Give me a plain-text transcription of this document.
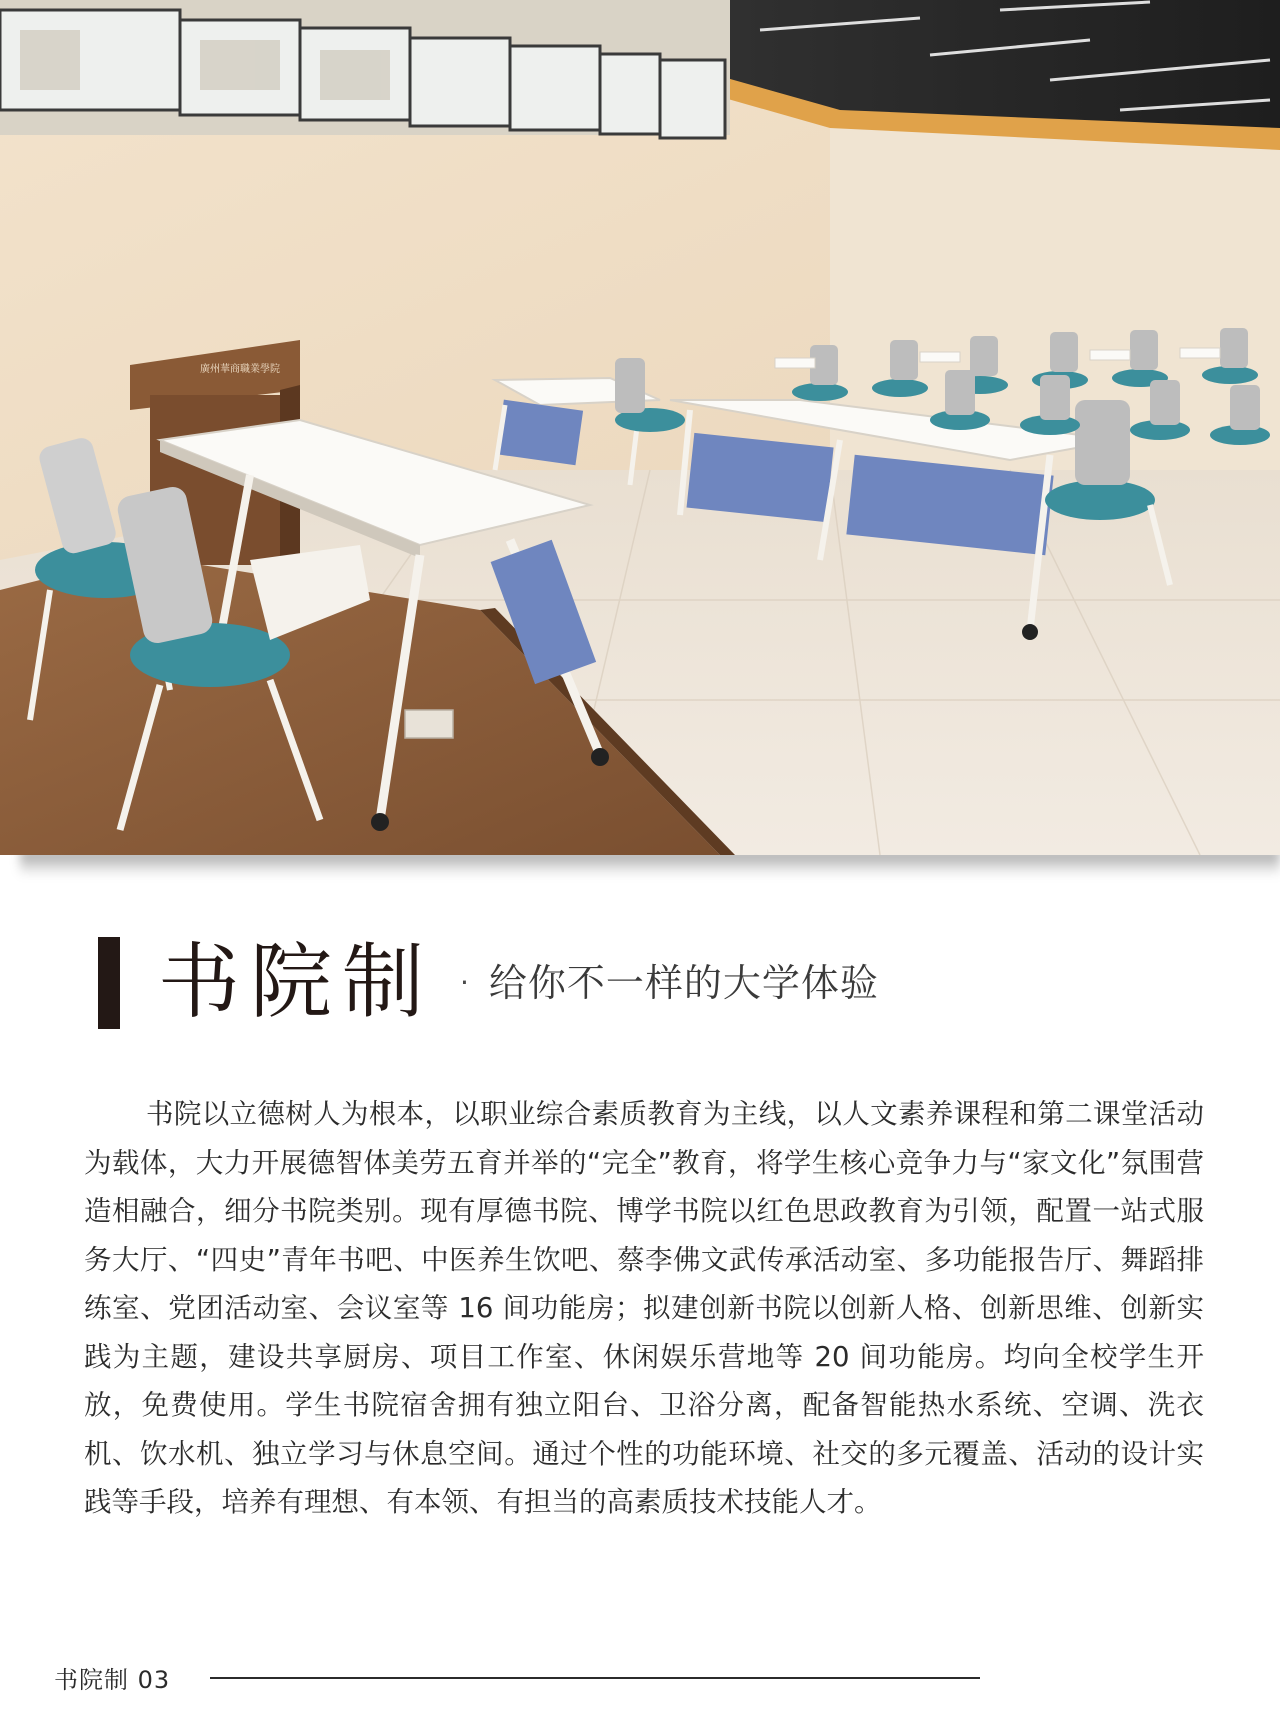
廣州華商職業學院
书院制 · 给你不一样的大学体验

书院以立德树人为根本，以职业综合素质教育为主线，以人文素养课程和第二课堂活动为载体，大力开展德智体美劳五育并举的“完全”教育，将学生核心竞争力与“家文化”氛围营造相融合，细分书院类别。现有厚德书院、博学书院以红色思政教育为引领，配置一站式服务大厅、“四史”青年书吧、中医养生饮吧、蔡李佛文武传承活动室、多功能报告厅、舞蹈排练室、党团活动室、会议室等 16 间功能房；拟建创新书院以创新人格、创新思维、创新实践为主题，建设共享厨房、项目工作室、休闲娱乐营地等 20 间功能房。均向全校学生开放，免费使用。学生书院宿舍拥有独立阳台、卫浴分离，配备智能热水系统、空调、洗衣机、饮水机、独立学习与休息空间。通过个性的功能环境、社交的多元覆盖、活动的设计实践等手段，培养有理想、有本领、有担当的高素质技术技能人才。

书院制 03
